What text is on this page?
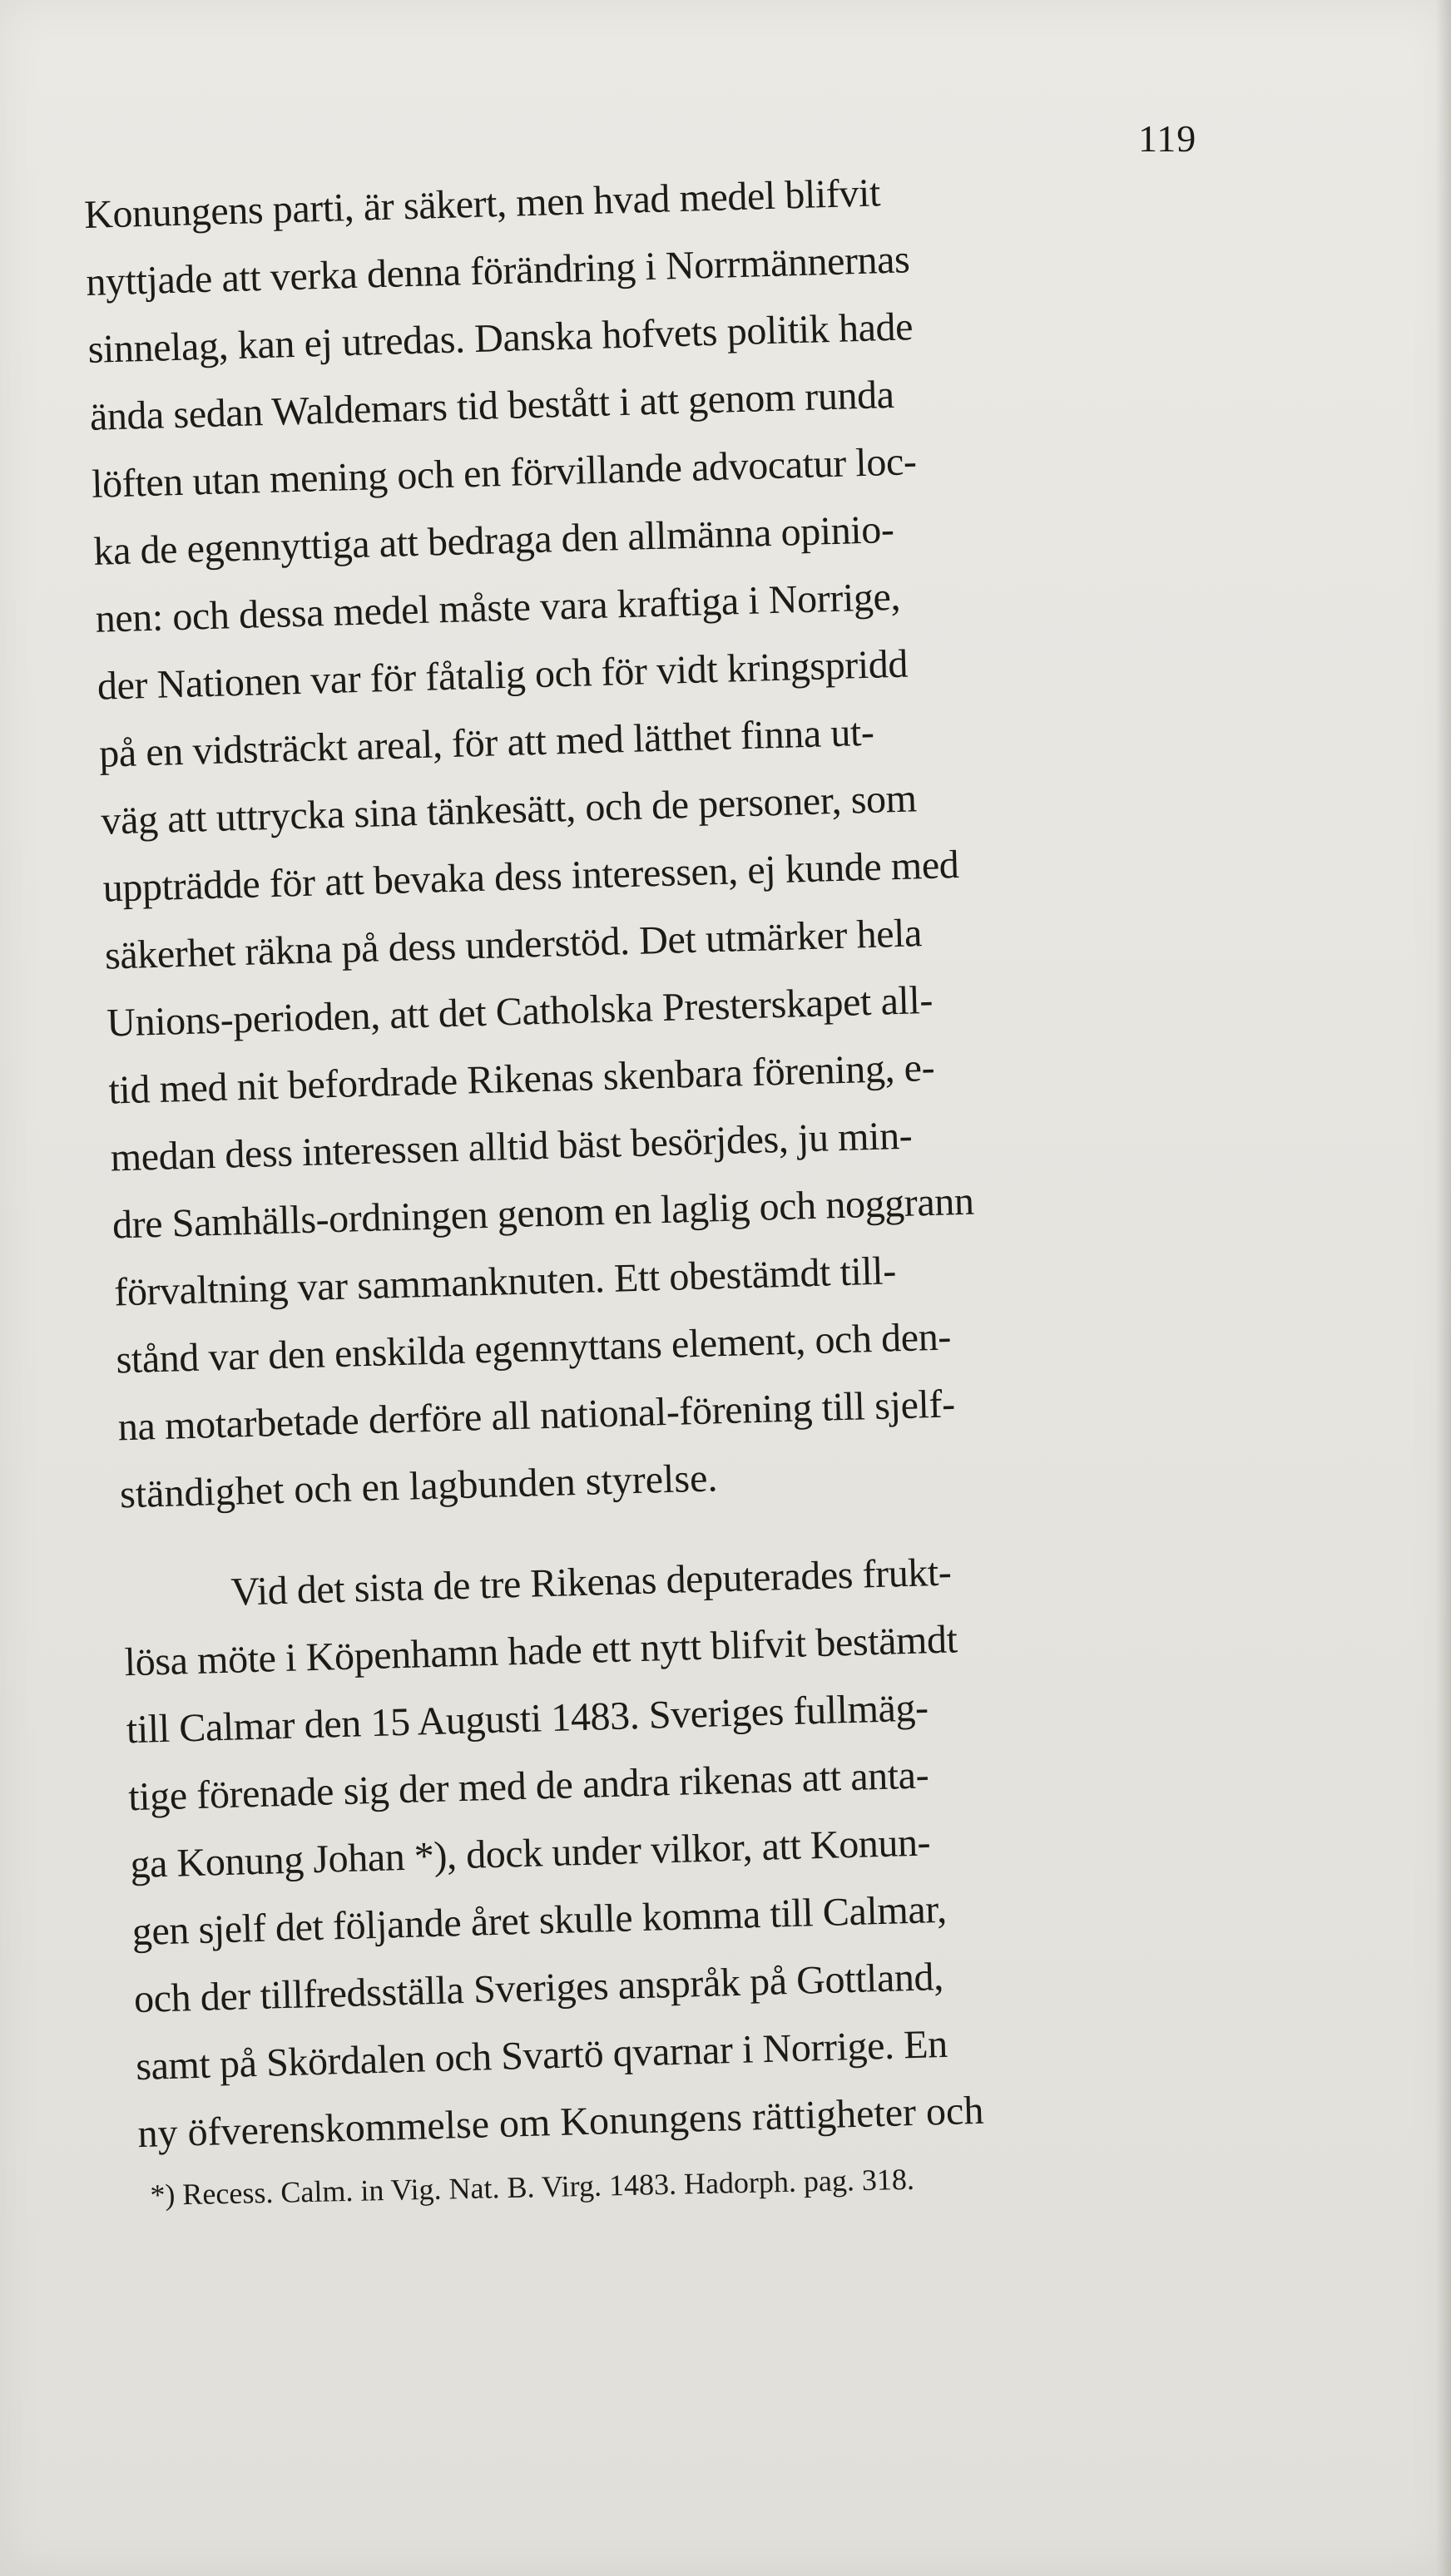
119
Konungens parti, är säkert, men hvad medel blifvit
nyttjade att verka denna förändring i Norrmännernas
sinnelag, kan ej utredas. Danska hofvets politik hade
ända sedan Waldemars tid bestått i att genom runda
löften utan mening och en förvillande advocatur loc-
ka de egennyttiga att bedraga den allmänna opinio-
nen: och dessa medel måste vara kraftiga i Norrige,
der Nationen var för fåtalig och för vidt kringspridd
på en vidsträckt areal, för att med lätthet finna ut-
väg att uttrycka sina tänkesätt, och de personer, som
uppträdde för att bevaka dess interessen, ej kunde med
säkerhet räkna på dess understöd. Det utmärker hela
Unions-perioden, att det Catholska Presterskapet all-
tid med nit befordrade Rikenas skenbara förening, e-
medan dess interessen alltid bäst besörjdes, ju min-
dre Samhälls-ordningen genom en laglig och noggrann
förvaltning var sammanknuten. Ett obestämdt till-
stånd var den enskilda egennyttans element, och den-
na motarbetade derföre all national-förening till sjelf-
ständighet och en lagbunden styrelse.
Vid det sista de tre Rikenas deputerades frukt-
lösa möte i Köpenhamn hade ett nytt blifvit bestämdt
till Calmar den 15 Augusti 1483. Sveriges fullmäg-
tige förenade sig der med de andra rikenas att anta-
ga Konung Johan *), dock under vilkor, att Konun-
gen sjelf det följande året skulle komma till Calmar,
och der tillfredsställa Sveriges anspråk på Gottland,
samt på Skördalen och Svartö qvarnar i Norrige. En
ny öfverenskommelse om Konungens rättigheter och
*) Recess. Calm. in Vig. Nat. B. Virg. 1483. Hadorph. pag. 318.
